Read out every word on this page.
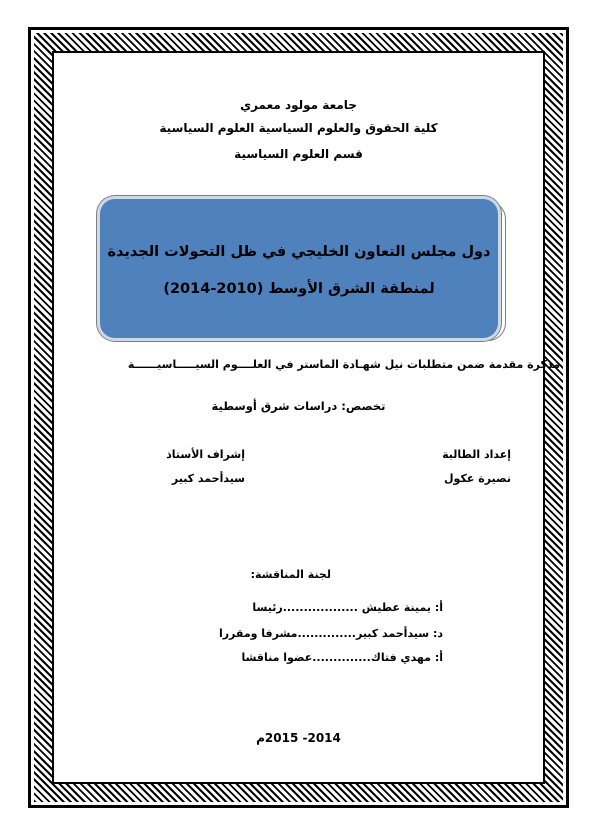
جامعة مولود معمري
كلية الحقوق والعلوم السياسية العلوم السياسية
قسم العلوم السياسية
دول مجلس التعاون الخليجي في ظل التحولات الجديدة
لمنطقة الشرق الأوسط (2010-2014)
مذكرة مقدمة ضمن متطلبات نيل شهـادة الماستر في العلــــوم السيـــــاسيــــــة
تخصص: دراسات شرق أوسطية
إعداد الطالبة
نصيرة عكول
إشراف الأستاذ
سيدأحمد كبير
لجنة المناقشة:
أ: يمينة عطيش ..................رئيسا
د: سيدأحمد كبير..............مشرفا ومقررا
أ: مهدي فتاك..............عضوا مناقشا
2014- 2015م
